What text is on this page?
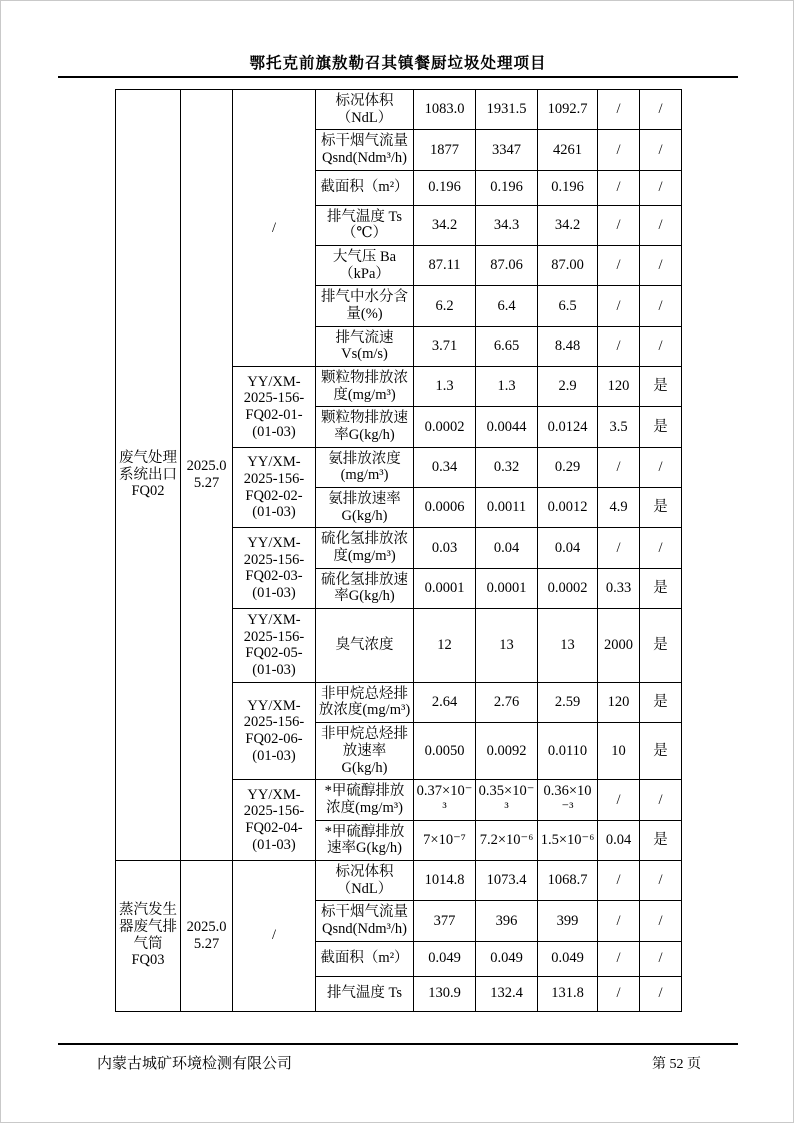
鄂托克前旗敖勒召其镇餐厨垃圾处理项目
废气处理系统出口FQ02	2025.05.27	/	标况体积（NdL）	1083.0	1931.5	1092.7	/	/
			标干烟气流量Qsnd(Ndm³/h)	1877	3347	4261	/	/
			截面积（m²）	0.196	0.196	0.196	/	/
			排气温度 Ts（℃）	34.2	34.3	34.2	/	/
			大气压 Ba（kPa）	87.11	87.06	87.00	/	/
			排气中水分含量(%)	6.2	6.4	6.5	/	/
			排气流速 Vs(m/s)	3.71	6.65	8.48	/	/
		YY/XM-2025-156-FQ02-01-(01-03)	颗粒物排放浓度(mg/m³)	1.3	1.3	2.9	120	是
			颗粒物排放速率G(kg/h)	0.0002	0.0044	0.0124	3.5	是
		YY/XM-2025-156-FQ02-02-(01-03)	氨排放浓度(mg/m³)	0.34	0.32	0.29	/	/
			氨排放速率G(kg/h)	0.0006	0.0011	0.0012	4.9	是
		YY/XM-2025-156-FQ02-03-(01-03)	硫化氢排放浓度(mg/m³)	0.03	0.04	0.04	/	/
			硫化氢排放速率G(kg/h)	0.0001	0.0001	0.0002	0.33	是
		YY/XM-2025-156-FQ02-05-(01-03)	臭气浓度	12	13	13	2000	是
		YY/XM-2025-156-FQ02-06-(01-03)	非甲烷总烃排放浓度(mg/m³)	2.64	2.76	2.59	120	是
			非甲烷总烃排放速率 G(kg/h)	0.0050	0.0092	0.0110	10	是
		YY/XM-2025-156-FQ02-04-(01-03)	*甲硫醇排放浓度(mg/m³)	0.37×10⁻³	0.35×10⁻³	0.36×10⁻³	/	/
			*甲硫醇排放速率G(kg/h)	7×10⁻⁷	7.2×10⁻⁶	1.5×10⁻⁶	0.04	是
蒸汽发生器废气排气筒 FQ03	2025.05.27	/	标况体积（NdL）	1014.8	1073.4	1068.7	/	/
			标干烟气流量Qsnd(Ndm³/h)	377	396	399	/	/
			截面积（m²）	0.049	0.049	0.049	/	/
			排气温度 Ts	130.9	132.4	131.8	/	/
内蒙古城矿环境检测有限公司	第 52 页
